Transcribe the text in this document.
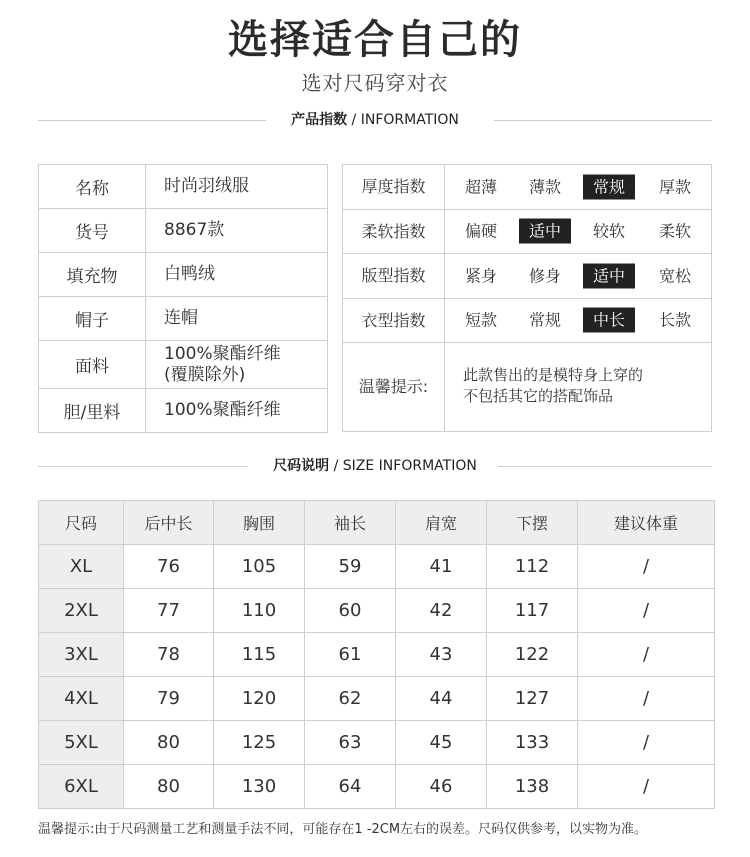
选择适合自己的
选对尺码穿对衣
产品指数 / INFORMATION
名称	时尚羽绒服
货号	8867款
填充物	白鸭绒
帽子	连帽
面料	100%聚酯纤维
(覆膜除外)

胆/里料	100%聚酯纤维
厚度指数	超薄	薄款	常规	厚款
柔软指数	偏硬	适中	较软	柔软
版型指数	紧身	修身	适中	宽松
衣型指数	短款	常规	中长	长款
温馨提示:
此款售出的是模特身上穿的
不包括其它的搭配饰品
尺码说明 / SIZE INFORMATION
尺码	后中长	胸围	袖长	肩宽	下摆	建议体重
XL	76	105	59	41	112	/
2XL	77	110	60	42	117	/
3XL	78	115	61	43	122	/
4XL	79	120	62	44	127	/
5XL	80	125	63	45	133	/
6XL	80	130	64	46	138	/
温馨提示:由于尺码测量工艺和测量手法不同，可能存在1 -2CM左右的误差。尺码仅供参考，以实物为准。
